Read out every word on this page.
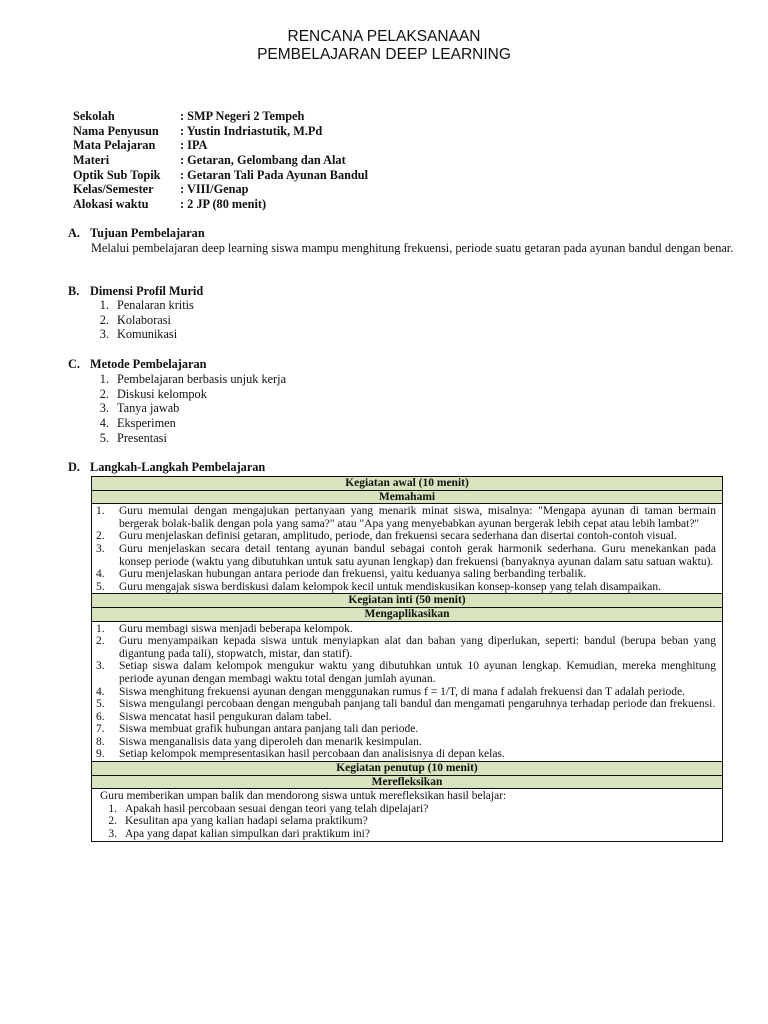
RENCANA PELAKSANAAN
PEMBELAJARAN DEEP LEARNING
Sekolah	: SMP Negeri 2 Tempeh
Nama Penyusun : Yustin Indriastutik, M.Pd
Mata Pelajaran : IPA
Materi	: Getaran, Gelombang dan Alat
Optik Sub Topik : Getaran Tali Pada Ayunan Bandul
Kelas/Semester : VIII/Genap
Alokasi waktu	: 2 JP (80 menit)
A. Tujuan Pembelajaran
Melalui pembelajaran deep learning siswa mampu menghitung frekuensi, periode suatu getaran pada ayunan bandul dengan benar.
B. Dimensi Profil Murid
1. Penalaran kritis
2. Kolaborasi
3. Komunikasi
C. Metode Pembelajaran
1. Pembelajaran berbasis unjuk kerja
2. Diskusi kelompok
3. Tanya jawab
4. Eksperimen
5. Presentasi
D. Langkah-Langkah Pembelajaran
Kegiatan awal (10 menit)
Memahami

1.	Guru memulai dengan mengajukan pertanyaan yang menarik minat siswa, misalnya: "Mengapa ayunan di taman bermain bergerak bolak-balik dengan pola yang sama?" atau "Apa yang menyebabkan ayunan bergerak lebih cepat atau lebih lambat?"
2.	Guru menjelaskan definisi getaran, amplitudo, periode, dan frekuensi secara sederhana dan disertai contoh-contoh visual.
3.	Guru menjelaskan secara detail tentang ayunan bandul sebagai contoh gerak harmonik sederhana. Guru menekankan pada konsep periode (waktu yang dibutuhkan untuk satu ayunan lengkap) dan frekuensi (banyaknya ayunan dalam satu satuan waktu).
4.	Guru menjelaskan hubungan antara periode dan frekuensi, yaitu keduanya saling berbanding terbalik.
5.	Guru mengajak siswa berdiskusi dalam kelompok kecil untuk mendiskusikan konsep-konsep yang telah disampaikan.

Kegiatan inti (50 menit)
Mengaplikasikan

1.	Guru membagi siswa menjadi beberapa kelompok.
2.	Guru menyampaikan kepada siswa untuk menyiapkan alat dan bahan yang diperlukan, seperti: bandul (berupa beban yang digantung pada tali), stopwatch, mistar, dan statif).
3.	Setiap siswa dalam kelompok mengukur waktu yang dibutuhkan untuk 10 ayunan lengkap. Kemudian, mereka menghitung periode ayunan dengan membagi waktu total dengan jumlah ayunan.
4.	Siswa menghitung frekuensi ayunan dengan menggunakan rumus f = 1/T, di mana f adalah frekuensi dan T adalah periode.
5.	Siswa mengulangi percobaan dengan mengubah panjang tali bandul dan mengamati pengaruhnya terhadap periode dan frekuensi.
6.	Siswa mencatat hasil pengukuran dalam tabel.
7.	Siswa membuat grafik hubungan antara panjang tali dan periode.
8.	Siswa menganalisis data yang diperoleh dan menarik kesimpulan.
9.	Setiap kelompok mempresentasikan hasil percobaan dan analisisnya di depan kelas.

Kegiatan penutup (10 menit)
Merefleksikan

Guru memberikan umpan balik dan mendorong siswa untuk merefleksikan hasil belajar:
1. Apakah hasil percobaan sesuai dengan teori yang telah dipelajari?
2. Kesulitan apa yang kalian hadapi selama praktikum?
3. Apa yang dapat kalian simpulkan dari praktikum ini?
